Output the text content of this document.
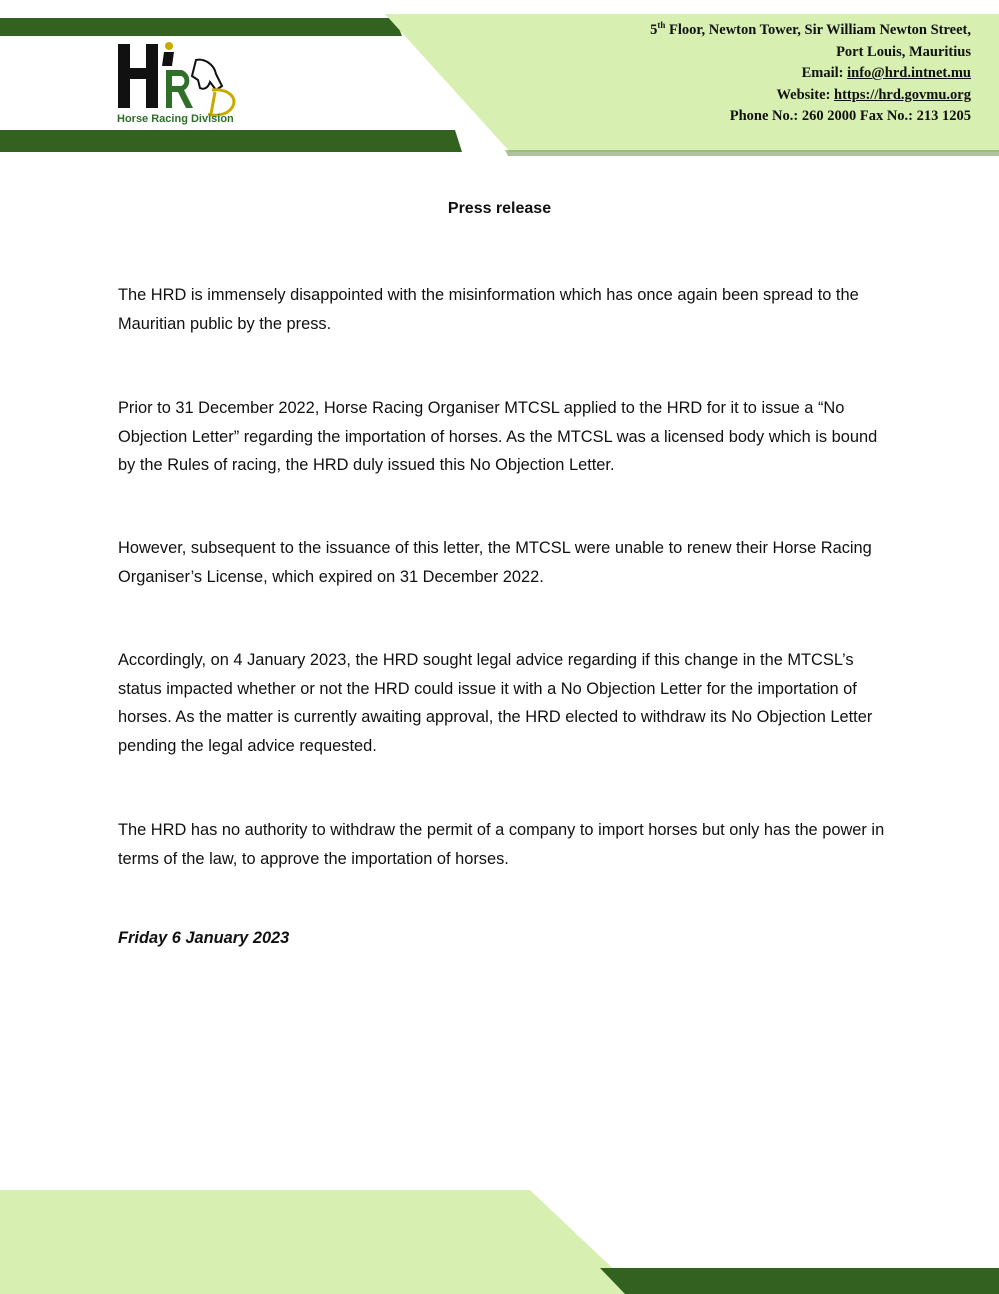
Horse Racing Division
5th Floor, Newton Tower, Sir William Newton Street,
Port Louis, Mauritius
Email: info@hrd.intnet.mu
Website: https://hrd.govmu.org
Phone No.: 260 2000 Fax No.: 213 1205
Press release

The HRD is immensely disappointed with the misinformation which has once again been spread to the Mauritian public by the press.

Prior to 31 December 2022, Horse Racing Organiser MTCSL applied to the HRD for it to issue a “No Objection Letter” regarding the importation of horses. As the MTCSL was a licensed body which is bound by the Rules of racing, the HRD duly issued this No Objection Letter.

However, subsequent to the issuance of this letter, the MTCSL were unable to renew their Horse Racing Organiser’s License, which expired on 31 December 2022.

Accordingly, on 4 January 2023, the HRD sought legal advice regarding if this change in the MTCSL’s status impacted whether or not the HRD could issue it with a No Objection Letter for the importation of horses. As the matter is currently awaiting approval, the HRD elected to withdraw its No Objection Letter pending the legal advice requested.

The HRD has no authority to withdraw the permit of a company to import horses but only has the power in terms of the law, to approve the importation of horses.

Friday 6 January 2023
